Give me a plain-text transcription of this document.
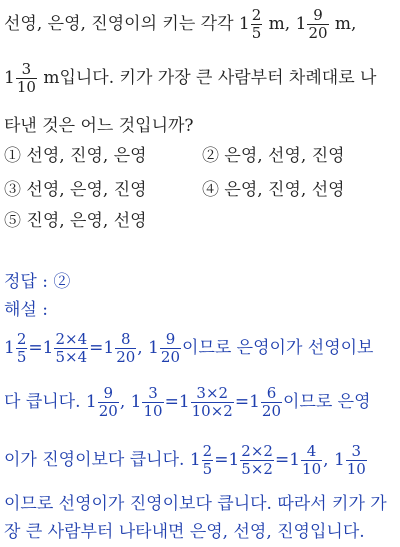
선영, 은영, 진영이의 키는 각각 $1 \frac{2}{5} m$, $1 \frac{9}{20} m$,
$1 \frac{3}{10}$ m입니다. 키가 가장 큰 사람부터 차례대로 나
타낸 것은 어느 것입니까?
① 선영, 진영, 은영	② 은영, 선영, 진영
③ 선영, 은영, 진영	④ 은영, 진영, 선영
⑤ 진영, 은영, 선영
정답 : ②
해설 :
$1 \frac{2}{5} =1 \frac{2\times 4}{5\times 4} =1 \frac{8}{20}$ , $1 \frac{9}{20}$ 이므로 은영이가 선영이보
다 큽니다. $1 \frac{9}{20}$ , $1 \frac{3}{10} =1 \frac{3\times 2}{10\times 2} =1 \frac{6}{20}$ 이므로 은영
이가 진영이보다 큽니다. $1 \frac{2}{5} =1 \frac{2\times 2}{5\times 2} =1 \frac{4}{10}$ , $1 \frac{3}{10}$
이므로 선영이가 진영이보다 큽니다. 따라서 키가 가
장 큰 사람부터 나타내면 은영, 선영, 진영입니다.
